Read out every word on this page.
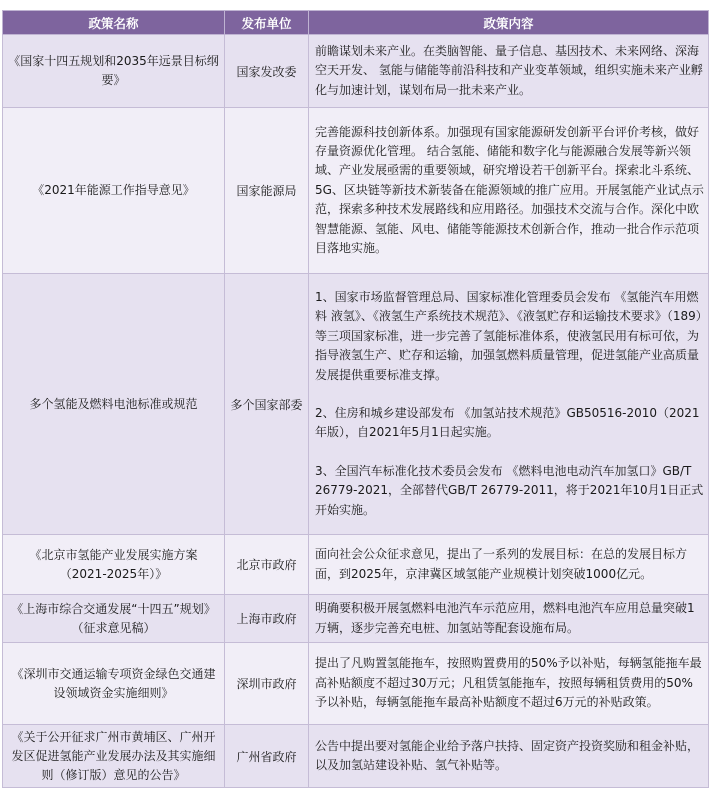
政策名称	发布单位	政策内容
《国家十四五规划和2035年远景目标纲要》	国家发改委	前瞻谋划未来产业。在类脑智能、量子信息、基因技术、未来网络、深海空天开发、 氢能与储能等前沿科技和产业变革领域，组织实施未来产业孵化与加速计划，谋划布局一批未来产业。

《2021年能源工作指导意见》	国家能源局	完善能源科技创新体系。加强现有国家能源研发创新平台评价考核，做好存量资源优化管理。 结合氢能、储能和数字化与能源融合发展等新兴领域、产业发展亟需的重要领域，研究增设若干创新平台。探索北斗系统、5G、区块链等新技术新装备在能源领域的推广应用。开展氢能产业试点示范，探索多种技术发展路线和应用路径。加强技术交流与合作。深化中欧智慧能源、氢能、风电、储能等能源技术创新合作，推动一批合作示范项目落地实施。

多个氢能及燃料电池标准或规范	多个国家部委	1、国家市场监督管理总局、国家标准化管理委员会发布 《氢能汽车用燃料 液氢》、《液氢生产系统技术规范》、《液氢贮存和运输技术要求》（189）等三项国家标准，进一步完善了氢能标准体系，使液氢民用有标可依，为指导液氢生产、贮存和运输，加强氢燃料质量管理，促进氢能产业高质量发展提供重要标准支撑。

2、住房和城乡建设部发布 《加氢站技术规范》GB50516-2010（2021年版），自2021年5月1日起实施。

3、全国汽车标准化技术委员会发布 《燃料电池电动汽车加氢口》GB/T 26779-2021，全部替代GB/T 26779-2011，将于2021年10月1日正式开始实施。

《北京市氢能产业发展实施方案（2021-2025年）》	北京市政府	面向社会公众征求意见，提出了一系列的发展目标：在总的发展目标方面，到2025年，京津冀区域氢能产业规模计划突破1000亿元。

《上海市综合交通发展“十四五”规划》（征求意见稿）	上海市政府	明确要积极开展氢燃料电池汽车示范应用，燃料电池汽车应用总量突破1万辆，逐步完善充电桩、加氢站等配套设施布局。

《深圳市交通运输专项资金绿色交通建设领域资金实施细则》	深圳市政府	提出了凡购置氢能拖车，按照购置费用的50%予以补贴，每辆氢能拖车最高补贴额度不超过30万元；凡租赁氢能拖车，按照每辆租赁费用的50%予以补贴，每辆氢能拖车最高补贴额度不超过6万元的补贴政策。

《关于公开征求广州市黄埔区、广州开发区促进氢能产业发展办法及其实施细则（修订版）意见的公告》	广州省政府	公告中提出要对氢能企业给予落户扶持、固定资产投资奖励和租金补贴，以及加氢站建设补贴、氢气补贴等。
